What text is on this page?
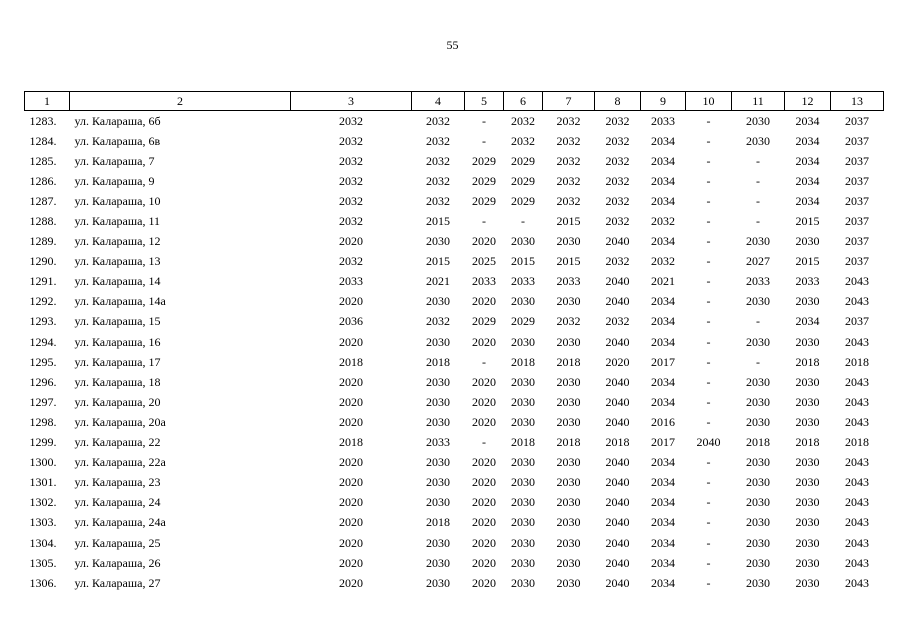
55
1	2	3	4	5	6	7	8	9	10	11	12	13
1283.	ул. Калараша, 6б	2032	2032	-	2032	2032	2032	2033	-	2030	2034	2037
1284.	ул. Калараша, 6в	2032	2032	-	2032	2032	2032	2034	-	2030	2034	2037
1285.	ул. Калараша, 7	2032	2032	2029	2029	2032	2032	2034	-	-	2034	2037
1286.	ул. Калараша, 9	2032	2032	2029	2029	2032	2032	2034	-	-	2034	2037
1287.	ул. Калараша, 10	2032	2032	2029	2029	2032	2032	2034	-	-	2034	2037
1288.	ул. Калараша, 11	2032	2015	-	-	2015	2032	2032	-	-	2015	2037
1289.	ул. Калараша, 12	2020	2030	2020	2030	2030	2040	2034	-	2030	2030	2037
1290.	ул. Калараша, 13	2032	2015	2025	2015	2015	2032	2032	-	2027	2015	2037
1291.	ул. Калараша, 14	2033	2021	2033	2033	2033	2040	2021	-	2033	2033	2043
1292.	ул. Калараша, 14а	2020	2030	2020	2030	2030	2040	2034	-	2030	2030	2043
1293.	ул. Калараша, 15	2036	2032	2029	2029	2032	2032	2034	-	-	2034	2037
1294.	ул. Калараша, 16	2020	2030	2020	2030	2030	2040	2034	-	2030	2030	2043
1295.	ул. Калараша, 17	2018	2018	-	2018	2018	2020	2017	-	-	2018	2018
1296.	ул. Калараша, 18	2020	2030	2020	2030	2030	2040	2034	-	2030	2030	2043
1297.	ул. Калараша, 20	2020	2030	2020	2030	2030	2040	2034	-	2030	2030	2043
1298.	ул. Калараша, 20а	2020	2030	2020	2030	2030	2040	2016	-	2030	2030	2043
1299.	ул. Калараша, 22	2018	2033	-	2018	2018	2018	2017	2040	2018	2018	2018
1300.	ул. Калараша, 22а	2020	2030	2020	2030	2030	2040	2034	-	2030	2030	2043
1301.	ул. Калараша, 23	2020	2030	2020	2030	2030	2040	2034	-	2030	2030	2043
1302.	ул. Калараша, 24	2020	2030	2020	2030	2030	2040	2034	-	2030	2030	2043
1303.	ул. Калараша, 24а	2020	2018	2020	2030	2030	2040	2034	-	2030	2030	2043
1304.	ул. Калараша, 25	2020	2030	2020	2030	2030	2040	2034	-	2030	2030	2043
1305.	ул. Калараша, 26	2020	2030	2020	2030	2030	2040	2034	-	2030	2030	2043
1306.	ул. Калараша, 27	2020	2030	2020	2030	2030	2040	2034	-	2030	2030	2043
